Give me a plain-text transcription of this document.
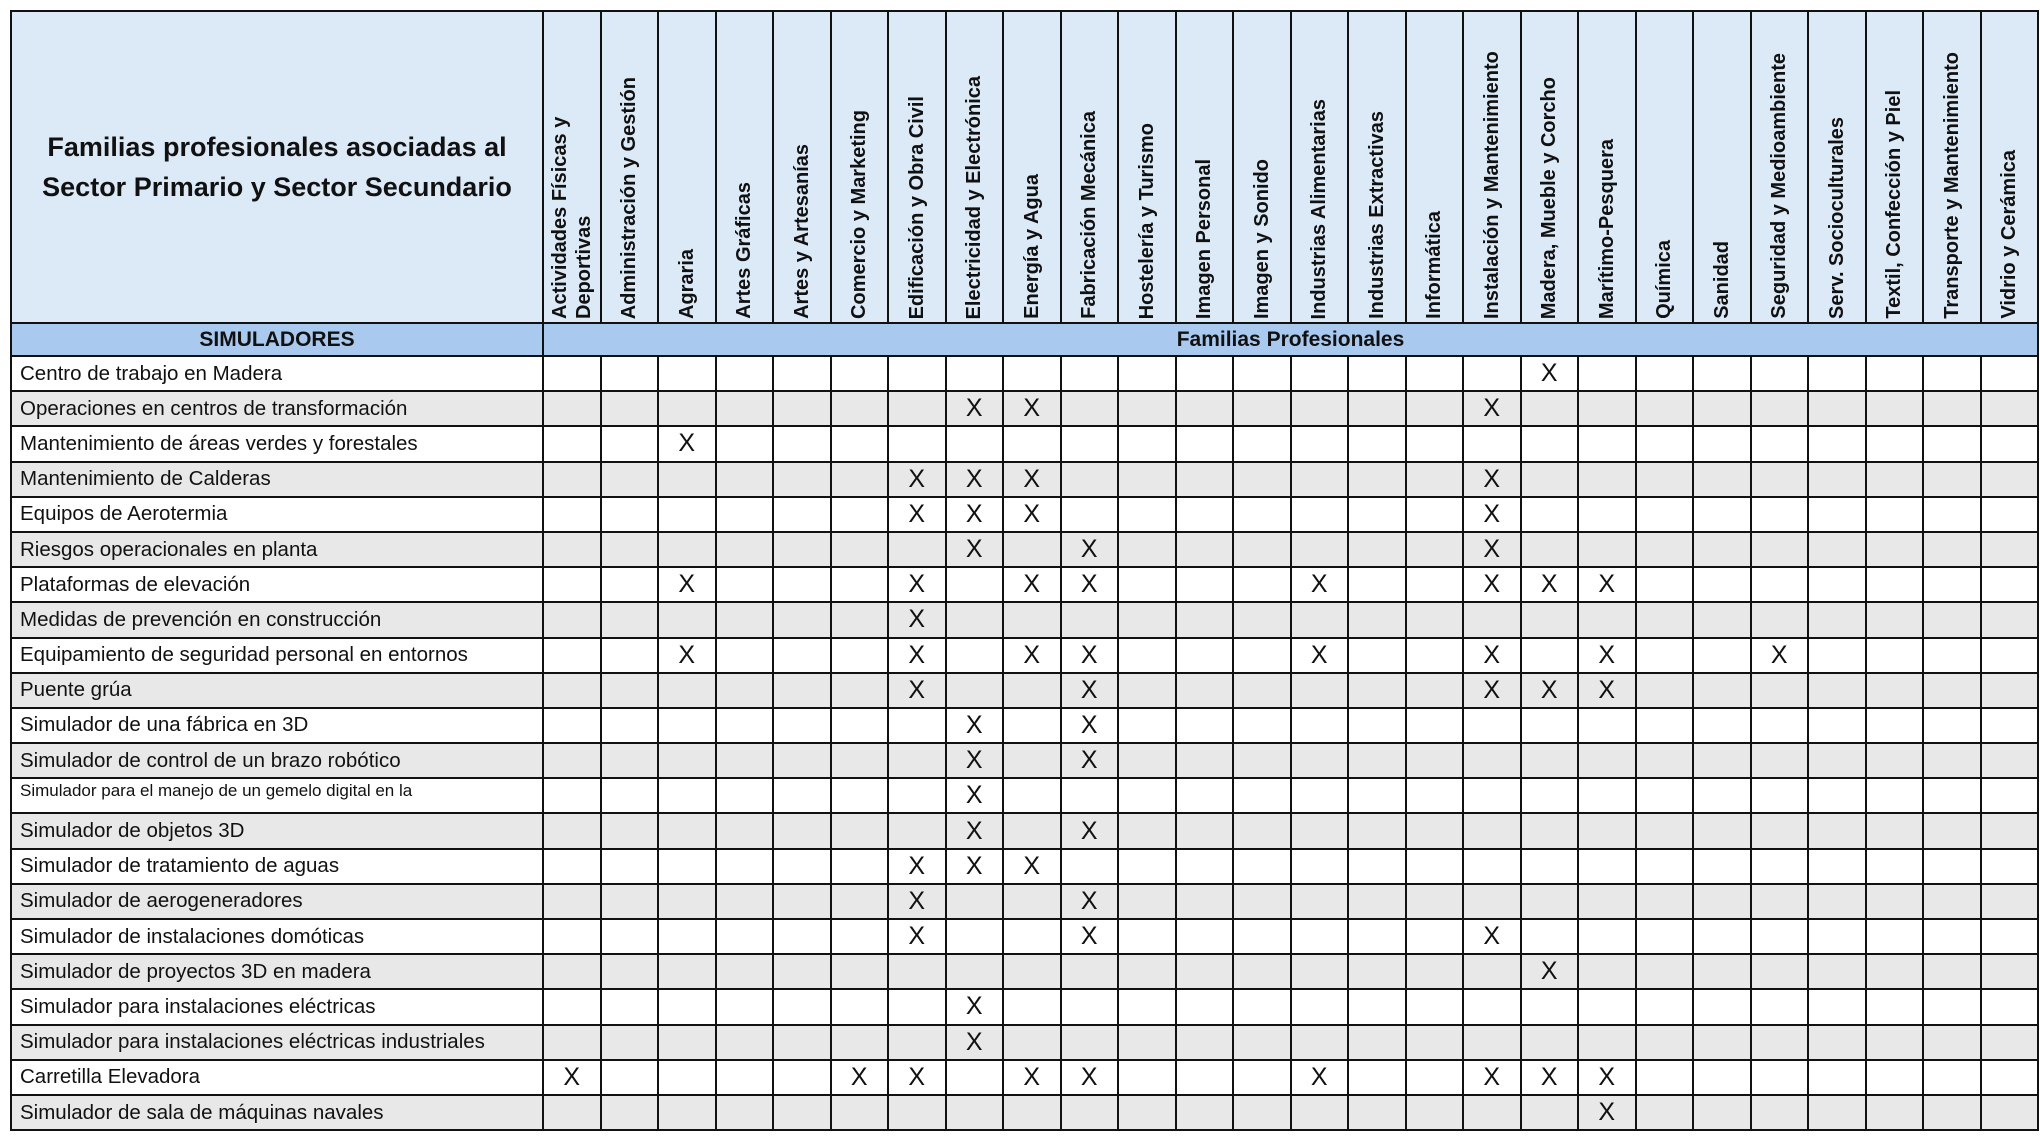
Familias profesionales asociadas al Sector Primario y Sector Secundario	Actividades Físicas y Deportivas	Administración y Gestión	Agraria	Artes Gráficas	Artes y Artesanías	Comercio y Marketing	Edificación y Obra Civil	Electricidad y Electrónica	Energía y Agua	Fabricación Mecánica	Hostelería y Turismo	Imagen Personal	Imagen y Sonido	Industrias Alimentarias	Industrias Extractivas	Informática	Instalación y Mantenimiento	Madera, Mueble y Corcho	Marítimo-Pesquera	Química	Sanidad	Seguridad y Medioambiente	Serv. Socioculturales	Textil, Confección y Piel	Transporte y Mantenimiento	Vidrio y Cerámica

SIMULADORES	Familias Profesionales																									
Centro de trabajo en Madera																		X								
Operaciones en centros de transformación								X	X								X									
Mantenimiento de áreas verdes y forestales			X																							
Mantenimiento de Calderas							X	X	X								X									
Equipos de Aerotermia							X	X	X								X									
Riesgos operacionales en planta								X		X							X									
Plataformas de elevación			X				X		X	X				X			X	X	X							
Medidas de prevención en construcción							X																			
Equipamiento de seguridad personal en entornos			X				X		X	X				X			X		X			X				
Puente grúa							X			X							X	X	X							
Simulador de una fábrica en 3D								X		X																
Simulador de control de un brazo robótico								X		X																
Simulador para el manejo de un gemelo digital en la								X																		
Simulador de objetos 3D								X		X																
Simulador de tratamiento de aguas							X	X	X																	
Simulador de aerogeneradores							X			X																
Simulador de instalaciones domóticas							X			X							X									
Simulador de proyectos 3D en madera																		X								
Simulador para instalaciones eléctricas								X																		
Simulador para instalaciones eléctricas industriales								X																		
Carretilla Elevadora	X					X	X		X	X				X			X	X	X							
Simulador de sala de máquinas navales																			X							
